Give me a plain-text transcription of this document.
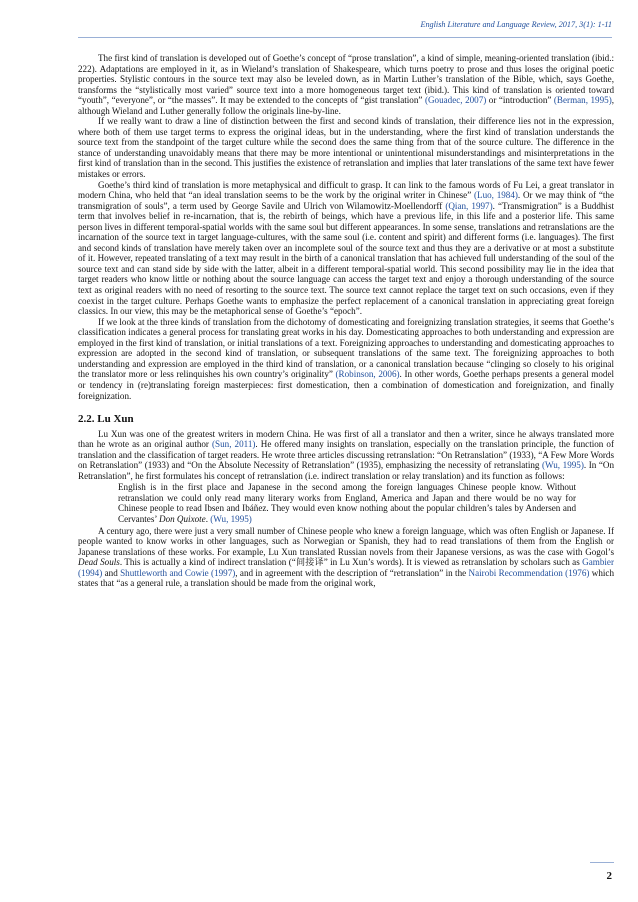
English Literature and Language Review, 2017, 3(1): 1-11

The first kind of translation is developed out of Goethe’s concept of “prose translation”, a kind of simple, meaning-oriented translation (ibid.: 222). Adaptations are employed in it, as in Wieland’s translation of Shakespeare, which turns poetry to prose and thus loses the original poetic properties. Stylistic contours in the source text may also be leveled down, as in Martin Luther’s translation of the Bible, which, says Goethe, transforms the “stylistically most varied” source text into a more homogeneous target text (ibid.). This kind of translation is oriented toward “youth”, “everyone”, or “the masses”. It may be extended to the concepts of “gist translation” (Gouadec, 2007) or “introduction” (Berman, 1995), although Wieland and Luther generally follow the originals line-by-line.

If we really want to draw a line of distinction between the first and second kinds of translation, their difference lies not in the expression, where both of them use target terms to express the original ideas, but in the understanding, where the first kind of translation understands the source text from the standpoint of the target culture while the second does the same thing from that of the source culture. The difference in the stance of understanding unavoidably means that there may be more intentional or unintentional misunderstandings and misinterpretations in the first kind of translation than in the second. This justifies the existence of retranslation and implies that later translations of the same text have fewer mistakes or errors.

Goethe’s third kind of translation is more metaphysical and difficult to grasp. It can link to the famous words of Fu Lei, a great translator in modern China, who held that “an ideal translation seems to be the work by the original writer in Chinese” (Luo, 1984). Or we may think of “the transmigration of souls”, a term used by George Savile and Ulrich von Wilamowitz-Moellendorff (Qian, 1997). “Transmigration” is a Buddhist term that involves belief in re-incarnation, that is, the rebirth of beings, which have a previous life, in this life and a posterior life. This same person lives in different temporal-spatial worlds with the same soul but different appearances. In some sense, translations and retranslations are the incarnation of the source text in target language-cultures, with the same soul (i.e. content and spirit) and different forms (i.e. languages). The first and second kinds of translation have merely taken over an incomplete soul of the source text and thus they are a derivative or at most a substitute of it. However, repeated translating of a text may result in the birth of a canonical translation that has achieved full understanding of the soul of the source text and can stand side by side with the latter, albeit in a different temporal-spatial world. This second possibility may lie in the idea that target readers who know little or nothing about the source language can access the target text and enjoy a thorough understanding of the source text as original readers with no need of resorting to the source text. The source text cannot replace the target text on such occasions, even if they coexist in the target culture. Perhaps Goethe wants to emphasize the perfect replacement of a canonical translation in appreciating great foreign classics. In our view, this may be the metaphorical sense of Goethe’s “epoch”.

If we look at the three kinds of translation from the dichotomy of domesticating and foreignizing translation strategies, it seems that Goethe’s classification indicates a general process for translating great works in his day. Domesticating approaches to both understanding and expression are employed in the first kind of translation, or initial translations of a text. Foreignizing approaches to understanding and domesticating approaches to expression are adopted in the second kind of translation, or subsequent translations of the same text. The foreignizing approaches to both understanding and expression are employed in the third kind of translation, or a canonical translation because “clinging so closely to his original the translator more or less relinquishes his own country’s originality” (Robinson, 2006). In other words, Goethe perhaps presents a general model or tendency in (re)translating foreign masterpieces: first domestication, then a combination of domestication and foreignization, and finally foreignization.

2.2. Lu Xun

Lu Xun was one of the greatest writers in modern China. He was first of all a translator and then a writer, since he always translated more than he wrote as an original author (Sun, 2011). He offered many insights on translation, especially on the translation principle, the function of translation and the classification of target readers. He wrote three articles discussing retranslation: “On Retranslation” (1933), “A Few More Words on Retranslation” (1933) and “On the Absolute Necessity of Retranslation” (1935), emphasizing the necessity of retranslating (Wu, 1995). In “On Retranslation”, he first formulates his concept of retranslation (i.e. indirect translation or relay translation) and its function as follows:

English is in the first place and Japanese in the second among the foreign languages Chinese people know. Without retranslation we could only read many literary works from England, America and Japan and there would be no way for Chinese people to read Ibsen and Ibáñez. They would even know nothing about the popular children’s tales by Andersen and Cervantes’ Don Quixote. (Wu, 1995)

A century ago, there were just a very small number of Chinese people who knew a foreign language, which was often English or Japanese. If people wanted to know works in other languages, such as Norwegian or Spanish, they had to read translations of them from the English or Japanese translations of these works. For example, Lu Xun translated Russian novels from their Japanese versions, as was the case with Gogol’s Dead Souls. This is actually a kind of indirect translation (“间接译” in Lu Xun’s words). It is viewed as retranslation by scholars such as Gambier (1994) and Shuttleworth and Cowie (1997), and in agreement with the description of “retranslation” in the Nairobi Recommendation (1976) which states that “as a general rule, a translation should be made from the original work,

2
